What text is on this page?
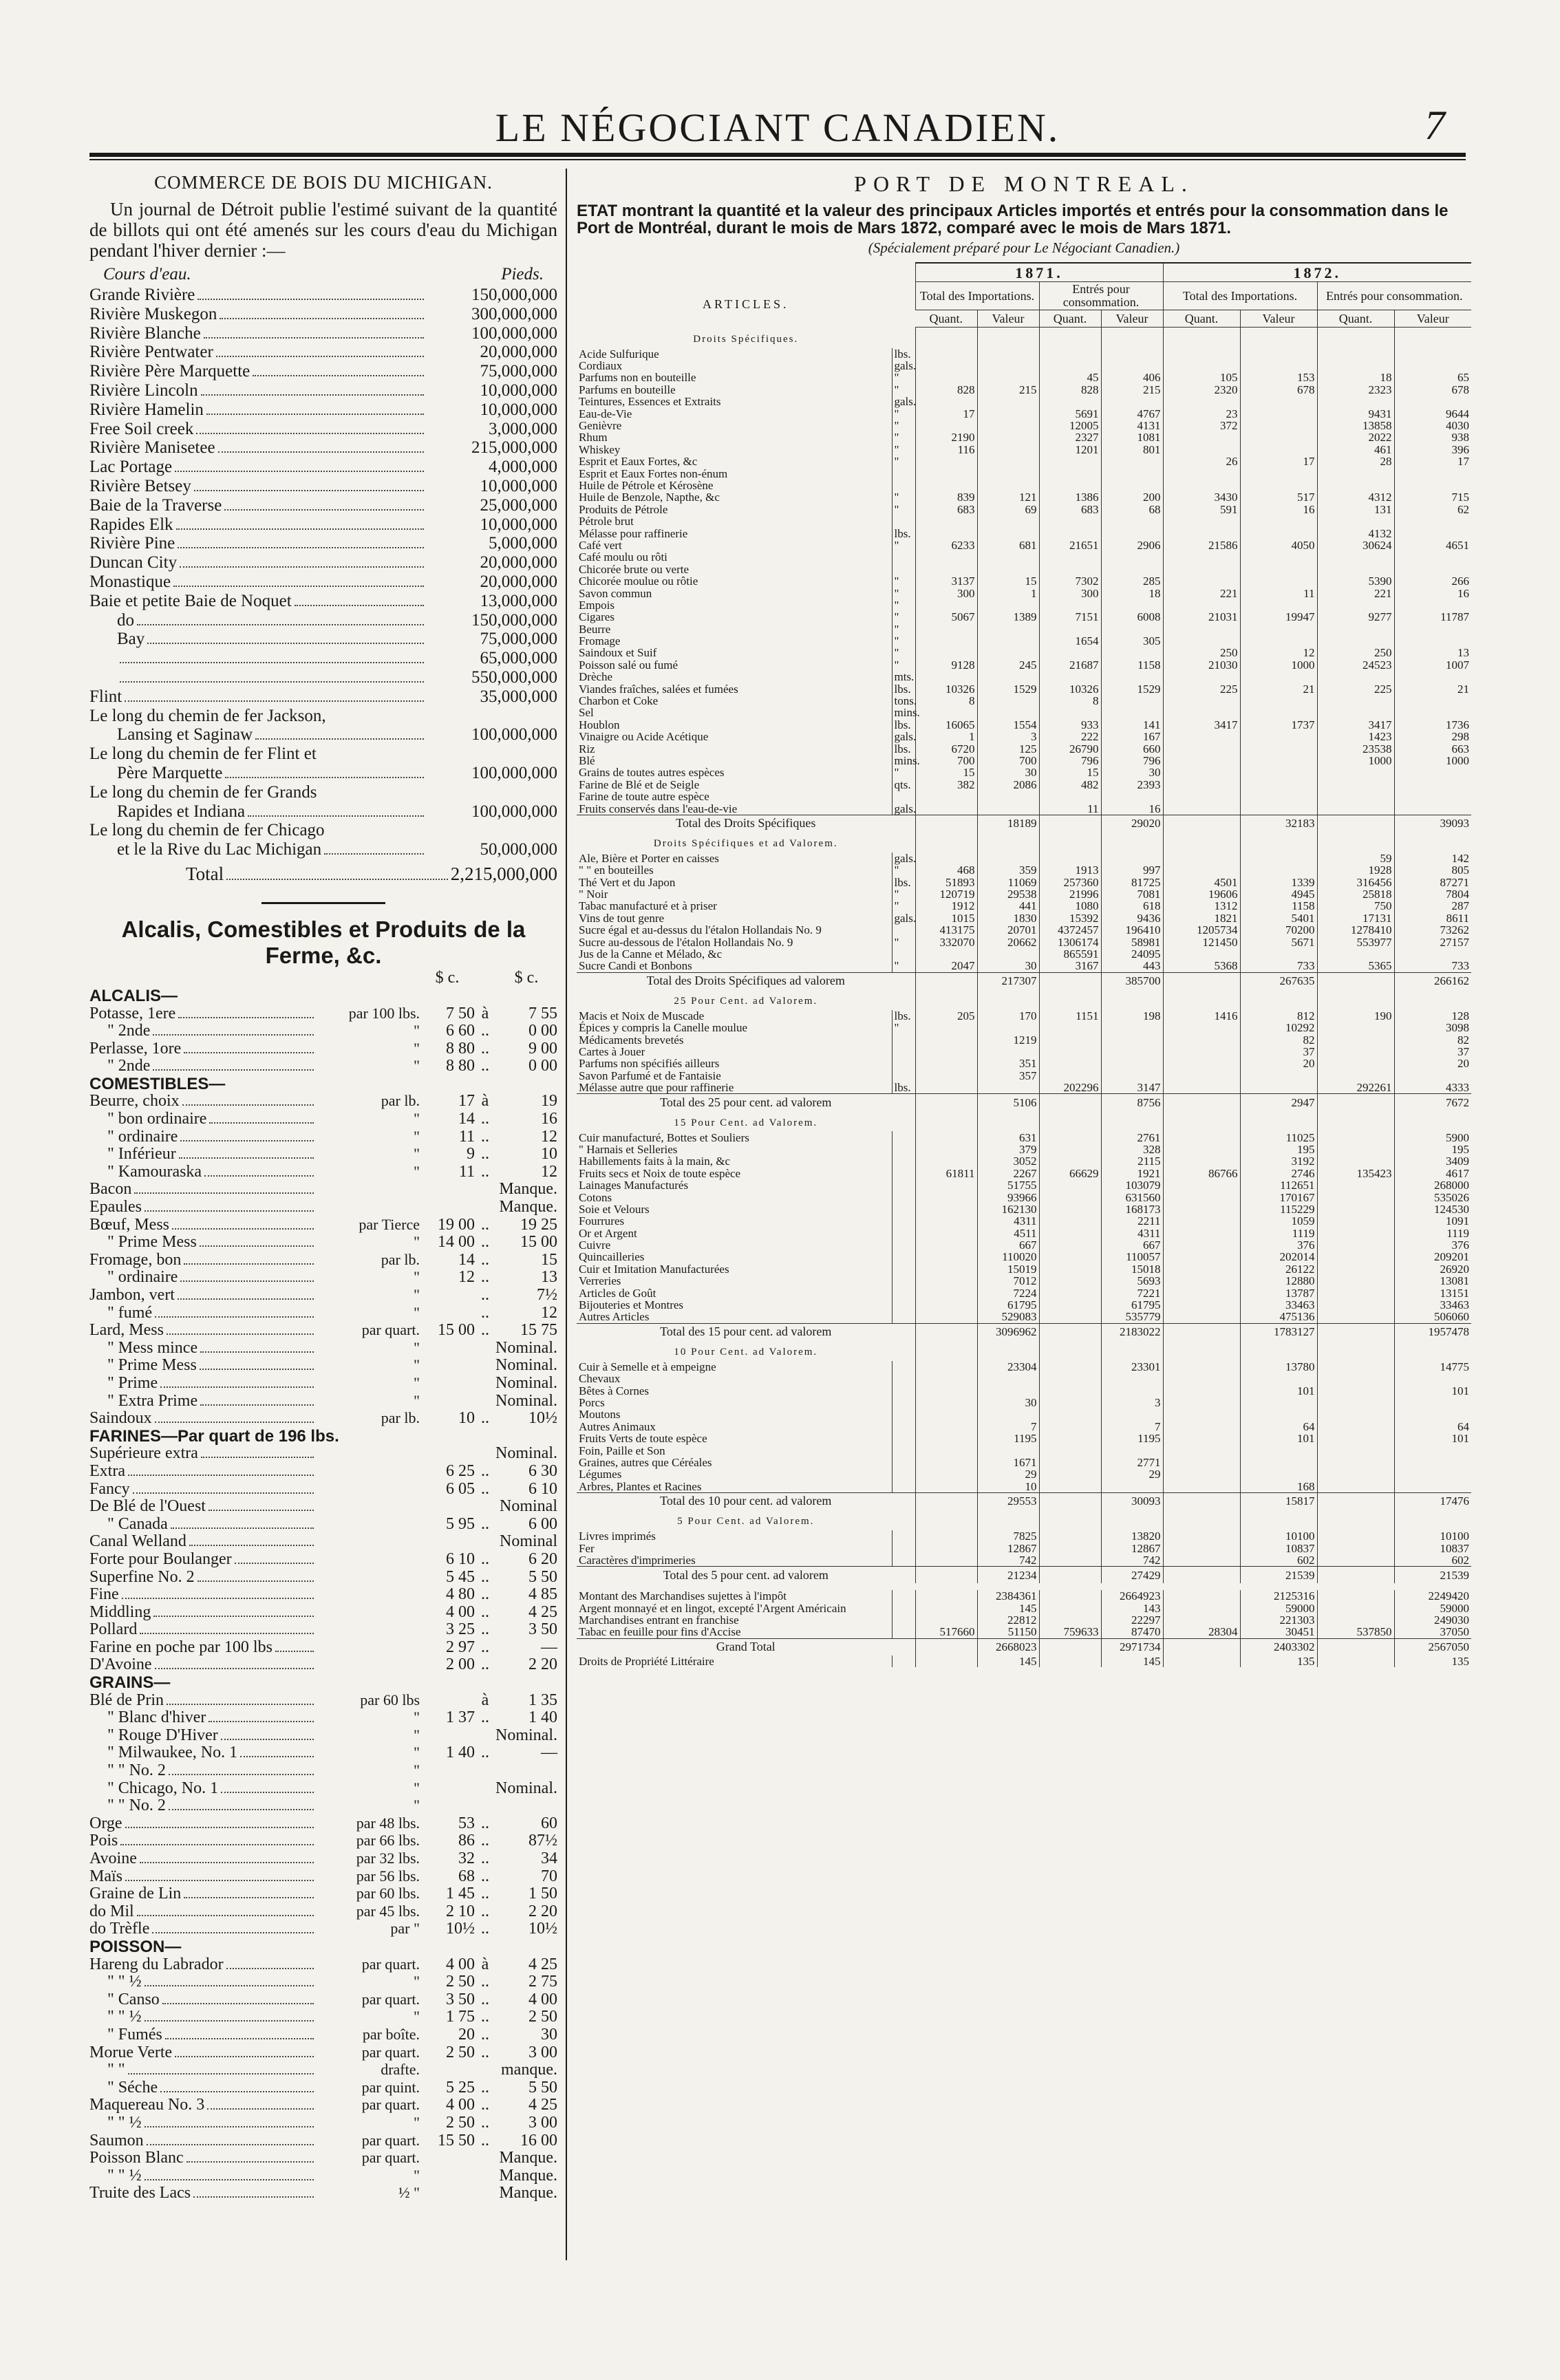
LE NÉGOCIANT CANADIEN.	7
COMMERCE DE BOIS DU MICHIGAN.

Un journal de Détroit publie l'estimé suivant de la quantité de billots qui ont été amenés sur les cours d'eau du Michigan pendant l'hiver dernier :—

Cours d'eau.	Pieds.
Grande Rivière	150,000,000
Rivière Muskegon	300,000,000
Rivière Blanche	100,000,000
Rivière Pentwater	20,000,000
Rivière Père Marquette	75,000,000
Rivière Lincoln	10,000,000
Rivière Hamelin	10,000,000
Free Soil creek	3,000,000
Rivière Manisetee	215,000,000
Lac Portage	4,000,000
Rivière Betsey	10,000,000
Baie de la Traverse	25,000,000
Rapides Elk	10,000,000
Rivière Pine	5,000,000
Duncan City	20,000,000
Monastique	20,000,000
Baie et petite Baie de Noquet	13,000,000
do	150,000,000
Bay	75,000,000
65,000,000
550,000,000
Flint	35,000,000
Le long du chemin de fer Jackson,
Lansing et Saginaw	100,000,000
Le long du chemin de fer Flint et
Père Marquette	100,000,000
Le long du chemin de fer Grands
Rapides et Indiana	100,000,000
Le long du chemin de fer Chicago
et le la Rive du Lac Michigan	50,000,000
Total	2,215,000,000
Alcalis, Comestibles et Produits de la Ferme, &c.
$ c.	$ c.
ALCALIS—
Potasse, 1ere	par 100 lbs.	7 50 à	7 55
" 2nde	"	6 60 ..	0 00
Perlasse, 1ore	"	8 80 ..	9 00
" 2nde	"	8 80 ..	0 00
COMESTIBLES—
Beurre, choix	par lb.	17 à	19
" bon ordinaire	"	14 ..	16
" ordinaire	"	11 ..	12
" Inférieur	"	9 ..	10
" Kamouraska	"	11 ..	12
Bacon	Manque.
Epaules	Manque.
Bœuf, Mess	par Tierce	19 00 ..	19 25
" Prime Mess	"	14 00 ..	15 00
Fromage, bon	par lb.	14 ..	15
" ordinaire	"	12 ..	13
Jambon, vert	"	..	7½
" fumé	"	..	12
Lard, Mess	par quart.	15 00 ..	15 75
" Mess mince	"	Nominal.
" Prime Mess	"	Nominal.
" Prime	"	Nominal.
" Extra Prime	"	Nominal.
Saindoux	par lb.	10 ..	10½
FARINES—Par quart de 196 lbs.
Supérieure extra	Nominal.
Extra	6 25 ..	6 30
Fancy	6 05 ..	6 10
De Blé de l'Ouest	Nominal
" Canada	5 95 ..	6 00
Canal Welland	Nominal
Forte pour Boulanger	6 10 ..	6 20
Superfine No. 2	5 45 ..	5 50
Fine	4 80 ..	4 85
Middling	4 00 ..	4 25
Pollard	3 25 ..	3 50
Farine en poche par 100 lbs	2 97 ..	—
D'Avoine	2 00 ..	2 20
GRAINS—
Blé de Prin	par 60 lbs	à	1 35
" Blanc d'hiver	"	1 37 ..	1 40
" Rouge D'Hiver	"	Nominal.
" Milwaukee, No. 1	"	1 40 ..	—
" " No. 2	"
" Chicago, No. 1	"	Nominal.
" " No. 2	"
Orge	par 48 lbs.	53 ..	60
Pois	par 66 lbs.	86 ..	87½
Avoine	par 32 lbs.	32 ..	34
Maïs	par 56 lbs.	68 ..	70
Graine de Lin	par 60 lbs.	1 45 ..	1 50
do Mil	par 45 lbs.	2 10 ..	2 20
do Trèfle	par "	10½ ..	10½
POISSON—
Hareng du Labrador	par quart.	4 00 à	4 25
" " ½	"	2 50 ..	2 75
" Canso	par quart.	3 50 ..	4 00
" " ½	"	1 75 ..	2 50
" Fumés	par boîte.	20 ..	30
Morue Verte	par quart.	2 50 ..	3 00
" "	drafte.	manque.
" Séche	par quint.	5 25 ..	5 50
Maquereau No. 3	par quart.	4 00 ..	4 25
" " ½	"	2 50 ..	3 00
Saumon	par quart.	15 50 ..	16 00
Poisson Blanc	par quart.	Manque.
" " ½	"	Manque.
Truite des Lacs	½ "	Manque.
PORT DE MONTREAL.
ETAT montrant la quantité et la valeur des principaux Articles importés et entrés pour la consommation dans le Port de Montréal, durant le mois de Mars 1872, comparé avec le mois de Mars 1871.
(Spécialement préparé pour Le Négociant Canadien.)
		1871.				1872.			
ARTICLES.		Total des Importations.		Entrés pour consommation.		Total des Importations.		Entrés pour consommation.	
		Quant.	Valeur	Quant.	Valeur	Quant.	Valeur	Quant.	Valeur
Droits Spécifiques.									
Acide Sulfurique	lbs.								
Cordiaux	gals.								
Parfums non en bouteille	"			45	406	105	153	18	65
Parfums en bouteille	"	828	215	828	215	2320	678	2323	678
Teintures, Essences et Extraits	gals.								
Eau-de-Vie	"	17		5691	4767	23		9431	9644
Genièvre	"			12005	4131	372		13858	4030
Rhum	"	2190		2327	1081			2022	938
Whiskey	"	116		1201	801			461	396
Esprit et Eaux Fortes, &c	"					26	17	28	17
Esprit et Eaux Fortes non-énum									
Huile de Pétrole et Kérosène									
Huile de Benzole, Napthe, &c	"	839	121	1386	200	3430	517	4312	715
Produits de Pétrole	"	683	69	683	68	591	16	131	62
Pétrole brut									
Mélasse pour raffinerie	lbs.							4132	
Café vert	"	6233	681	21651	2906	21586	4050	30624	4651
Café moulu ou rôti									
Chicorée brute ou verte									
Chicorée moulue ou rôtie	"	3137	15	7302	285			5390	266
Savon commun	"	300	1	300	18	221	11	221	16
Empois	"								
Cigares	"	5067	1389	7151	6008	21031	19947	9277	11787
Beurre	"								
Fromage	"			1654	305				
Saindoux et Suif	"					250	12	250	13
Poisson salé ou fumé	"	9128	245	21687	1158	21030	1000	24523	1007
Drèche	mts.								
Viandes fraîches, salées et fumées	lbs.	10326	1529	10326	1529	225	21	225	21
Charbon et Coke	tons.	8		8					
Sel	mins.								
Houblon	lbs.	16065	1554	933	141	3417	1737	3417	1736
Vinaigre ou Acide Acétique	gals.	1	3	222	167			1423	298
Riz	lbs.	6720	125	26790	660			23538	663
Blé	mins.	700	700	796	796			1000	1000
Grains de toutes autres espèces	"	15	30	15	30				
Farine de Blé et de Seigle	qts.	382	2086	482	2393				
Farine de toute autre espèce									
Fruits conservés dans l'eau-de-vie	gals.			11	16				
Total des Droits Spécifiques			18189		29020		32183		39093
Droits Spécifiques et ad Valorem.									
Ale, Bière et Porter en caisses	gals.							59	142
" " en bouteilles	"	468	359	1913	997			1928	805
Thé Vert et du Japon	lbs.	51893	11069	257360	81725	4501	1339	316456	87271
" Noir	"	120719	29538	21996	7081	19606	4945	25818	7804
Tabac manufacturé et à priser	"	1912	441	1080	618	1312	1158	750	287
Vins de tout genre	gals.	1015	1830	15392	9436	1821	5401	17131	8611
Sucre égal et au-dessus du l'étalon Hollandais No. 9		413175	20701	4372457	196410	1205734	70200	1278410	73262
Sucre au-dessous de l'étalon Hollandais No. 9	"	332070	20662	1306174	58981	121450	5671	553977	27157
Jus de la Canne et Mélado, &c				865591	24095				
Sucre Candi et Bonbons	"	2047	30	3167	443	5368	733	5365	733
Total des Droits Spécifiques ad valorem			217307		385700		267635		266162
25 Pour Cent. ad Valorem.									
Macis et Noix de Muscade	lbs.	205	170	1151	198	1416	812	190	128
Épices y compris la Canelle moulue	"						10292		3098
Médicaments brevetés			1219				82		82
Cartes à Jouer							37		37
Parfums non spécifiés ailleurs			351				20		20
Savon Parfumé et de Fantaisie			357						
Mélasse autre que pour raffinerie	lbs.			202296	3147			292261	4333
Total des 25 pour cent. ad valorem			5106		8756		2947		7672
15 Pour Cent. ad Valorem.									
Cuir manufacturé, Bottes et Souliers			631		2761		11025		5900
" Harnais et Selleries			379		328		195		195
Habillements faits à la main, &c			3052		2115		3192		3409
Fruits secs et Noix de toute espèce		61811	2267	66629	1921	86766	2746	135423	4617
Lainages Manufacturés			51755		103079		112651		268000
Cotons			93966		631560		170167		535026
Soie et Velours			162130		168173		115229		124530
Fourrures			4311		2211		1059		1091
Or et Argent			4511		4311		1119		1119
Cuivre			667		667		376		376
Quincailleries			110020		110057		202014		209201
Cuir et Imitation Manufacturées			15019		15018		26122		26920
Verreries			7012		5693		12880		13081
Articles de Goût			7224		7221		13787		13151
Bijouteries et Montres			61795		61795		33463		33463
Autres Articles			529083		535779		475136		506060
Total des 15 pour cent. ad valorem			3096962		2183022		1783127		1957478
10 Pour Cent. ad Valorem.									
Cuir à Semelle et à empeigne			23304		23301		13780		14775
Chevaux									
Bêtes à Cornes							101		101
Porcs			30		3				
Moutons									
Autres Animaux			7		7		64		64
Fruits Verts de toute espèce			1195		1195		101		101
Foin, Paille et Son									
Graines, autres que Céréales			1671		2771				
Légumes			29		29				
Arbres, Plantes et Racines			10				168		
Total des 10 pour cent. ad valorem			29553		30093		15817		17476
5 Pour Cent. ad Valorem.									
Livres imprimés			7825		13820		10100		10100
Fer			12867		12867		10837		10837
Caractères d'imprimeries			742		742		602		602
Total des 5 pour cent. ad valorem			21234		27429		21539		21539

Montant des Marchandises sujettes à l'impôt			2384361		2664923		2125316		2249420
Argent monnayé et en lingot, excepté l'Argent Américain			145		143		59000		59000
Marchandises entrant en franchise			22812		22297		221303		249030
Tabac en feuille pour fins d'Accise		517660	51150	759633	87470	28304	30451	537850	37050
Grand Total			2668023		2971734		2403302		2567050
Droits de Propriété Littéraire			145		145		135		135
